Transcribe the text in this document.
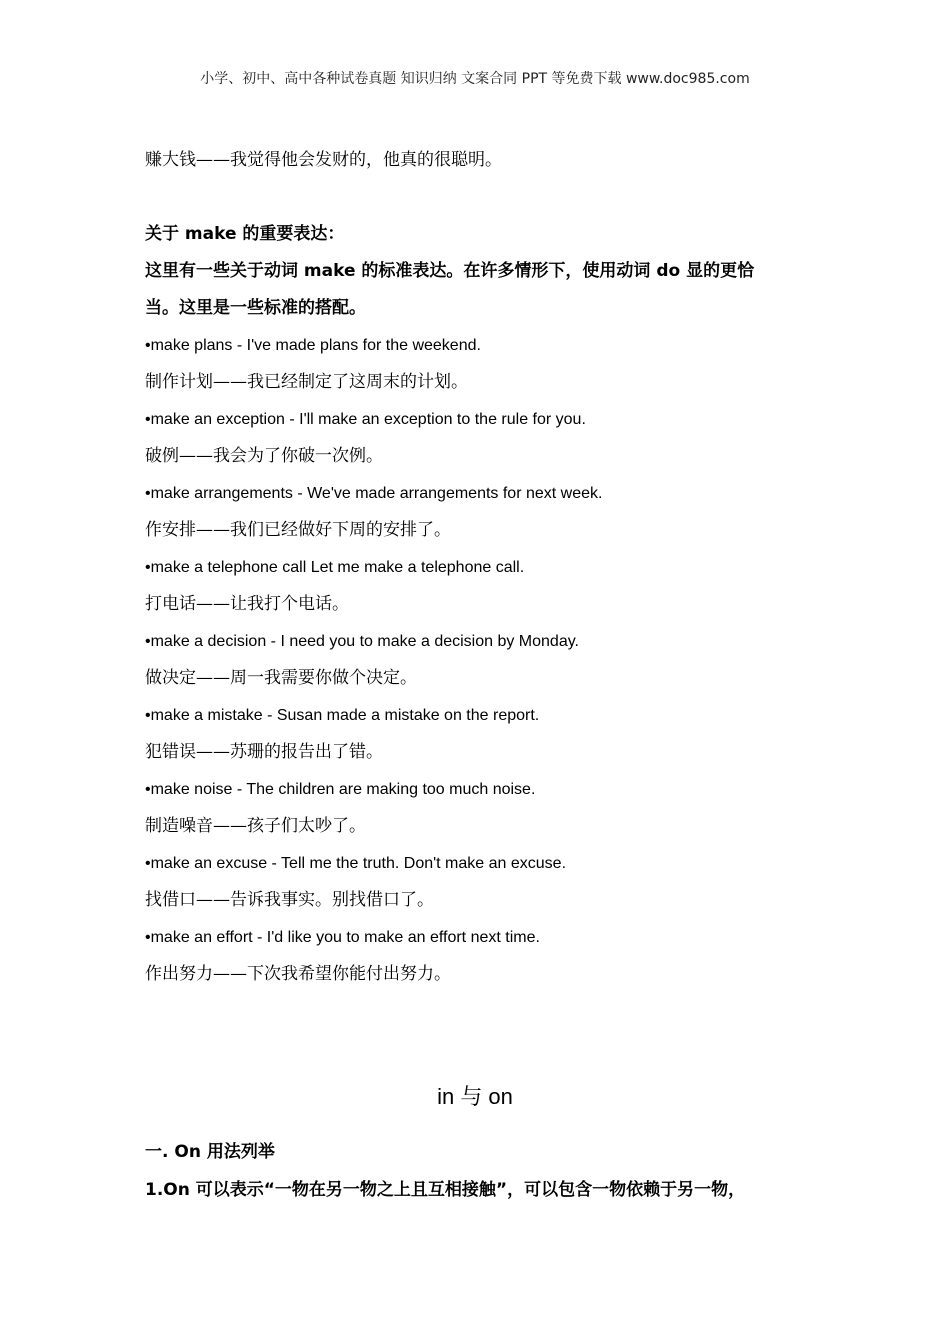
小学、初中、高中各种试卷真题 知识归纳 文案合同 PPT 等免费下载 www.doc985.com

赚大钱——我觉得他会发财的，他真的很聪明。

关于 make 的重要表达：

这里有一些关于动词 make 的标准表达。在许多情形下，使用动词 do 显的更恰

当。这里是一些标准的搭配。

•make plans - I've made plans for the weekend.

制作计划——我已经制定了这周末的计划。

•make an exception - I'll make an exception to the rule for you.

破例——我会为了你破一次例。

•make arrangements - We've made arrangements for next week.

作安排——我们已经做好下周的安排了。

•make a telephone call Let me make a telephone call.

打电话——让我打个电话。

•make a decision - I need you to make a decision by Monday.

做决定——周一我需要你做个决定。

•make a mistake - Susan made a mistake on the report.

犯错误——苏珊的报告出了错。

•make noise - The children are making too much noise.

制造噪音——孩子们太吵了。

•make an excuse - Tell me the truth. Don't make an excuse.

找借口——告诉我事实。别找借口了。

•make an effort - I'd like you to make an effort next time.

作出努力——下次我希望你能付出努力。

in 与 on

一. On 用法列举

1.On 可以表示“一物在另一物之上且互相接触”，可以包含一物依赖于另一物，
